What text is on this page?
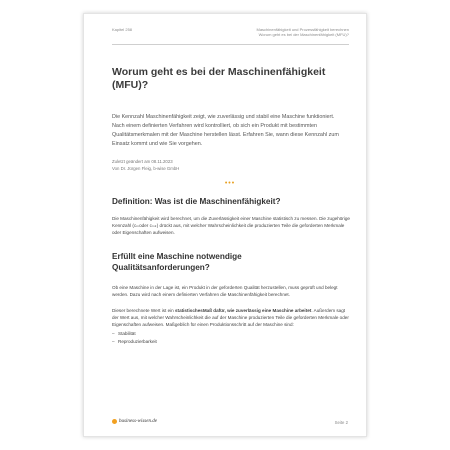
Kapitel 258	Maschinenfähigkeit und Prozessfähigkeit berechnen
Worum geht es bei der Maschinenfähigkeit (MFU)?
Worum geht es bei der Maschinenfähigkeit (MFU)?

Die Kennzahl Maschinenfähigkeit zeigt, wie zuverlässig und stabil eine Maschine funktioniert. Nach einem definierten Verfahren wird kontrolliert, ob sich ein Produkt mit bestimmten Qualitätsmerkmalen mit der Maschine herstellen lässt. Erfahren Sie, wann diese Kennzahl zum Einsatz kommt und wie Sie vorgehen.

Zuletzt geändert am 08.11.2023
Von Dr. Jürgen Fleig, b-wise GmbH
•••
Definition: Was ist die Maschinenfähigkeit?

Die Maschinenfähigkeit wird berechnet, um die Zuverlässigkeit einer Maschine statistisch zu messen. Die zugehörige Kennzahl (cₘoder cₘₖ) drückt aus, mit welcher Wahrscheinlichkeit die produzierten Teile die geforderten Merkmale oder Eigenschaften aufweisen.

Erfüllt eine Maschine notwendige Qualitätsanforderungen?

Ob eine Maschine in der Lage ist, ein Produkt in der geforderten Qualität herzustellen, muss geprüft und belegt werden. Dazu wird nach einem definierten Verfahren die Maschinenfähigkeit berechnet.

Dieser berechnete Wert ist ein statistischesMaß dafür, wie zuverlässig eine Maschine arbeitet. Außerdem sagt der Wert aus, mit welcher Wahrscheinlichkeit die auf der Maschine produzierten Teile die geforderten Merkmale oder Eigenschaften aufweisen. Maßgeblich für einen Produktionsschritt auf der Maschine sind:

– Stabilität
– Reproduzierbarkeit
business-wissen.de	Seite 2
